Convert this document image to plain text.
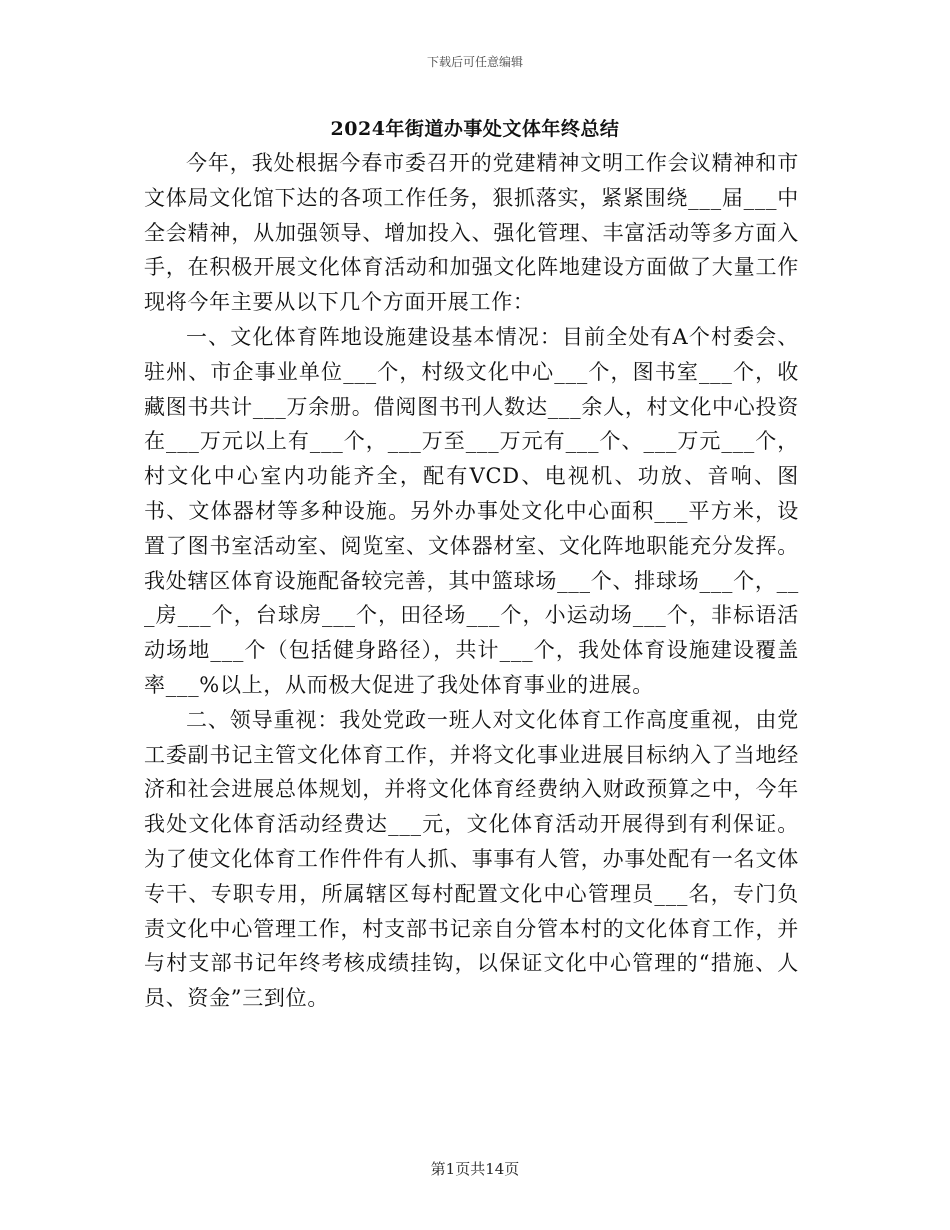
下载后可任意编辑
2024年街道办事处文体年终总结

今年，我处根据今春市委召开的党建精神文明工作会议精神和市文体局文化馆下达的各项工作任务，狠抓落实，紧紧围绕___届___中全会精神，从加强领导、增加投入、强化管理、丰富活动等多方面入手，在积极开展文化体育活动和加强文化阵地建设方面做了大量工作现将今年主要从以下几个方面开展工作：

一、文化体育阵地设施建设基本情况：目前全处有A个村委会、驻州、市企事业单位___个，村级文化中心___个，图书室___个，收藏图书共计___万余册。借阅图书刊人数达___余人，村文化中心投资在___万元以上有___个，___万至___万元有___个、___万元___个，村文化中心室内功能齐全，配有VCD、电视机、功放、音响、图书、文体器材等多种设施。另外办事处文化中心面积___平方米，设置了图书室活动室、阅览室、文体器材室、文化阵地职能充分发挥。我处辖区体育设施配备较完善，其中篮球场___个、排球场___个，___房___个，台球房___个，田径场___个，小运动场___个，非标语活动场地___个（包括健身路径），共计___个，我处体育设施建设覆盖率___%以上，从而极大促进了我处体育事业的进展。

二、领导重视：我处党政一班人对文化体育工作高度重视，由党工委副书记主管文化体育工作，并将文化事业进展目标纳入了当地经济和社会进展总体规划，并将文化体育经费纳入财政预算之中，今年我处文化体育活动经费达___元，文化体育活动开展得到有利保证。为了使文化体育工作件件有人抓、事事有人管，办事处配有一名文体专干、专职专用，所属辖区每村配置文化中心管理员___名，专门负责文化中心管理工作，村支部书记亲自分管本村的文化体育工作，并与村支部书记年终考核成绩挂钩，以保证文化中心管理的“措施、人员、资金”三到位。

第1页共14页
